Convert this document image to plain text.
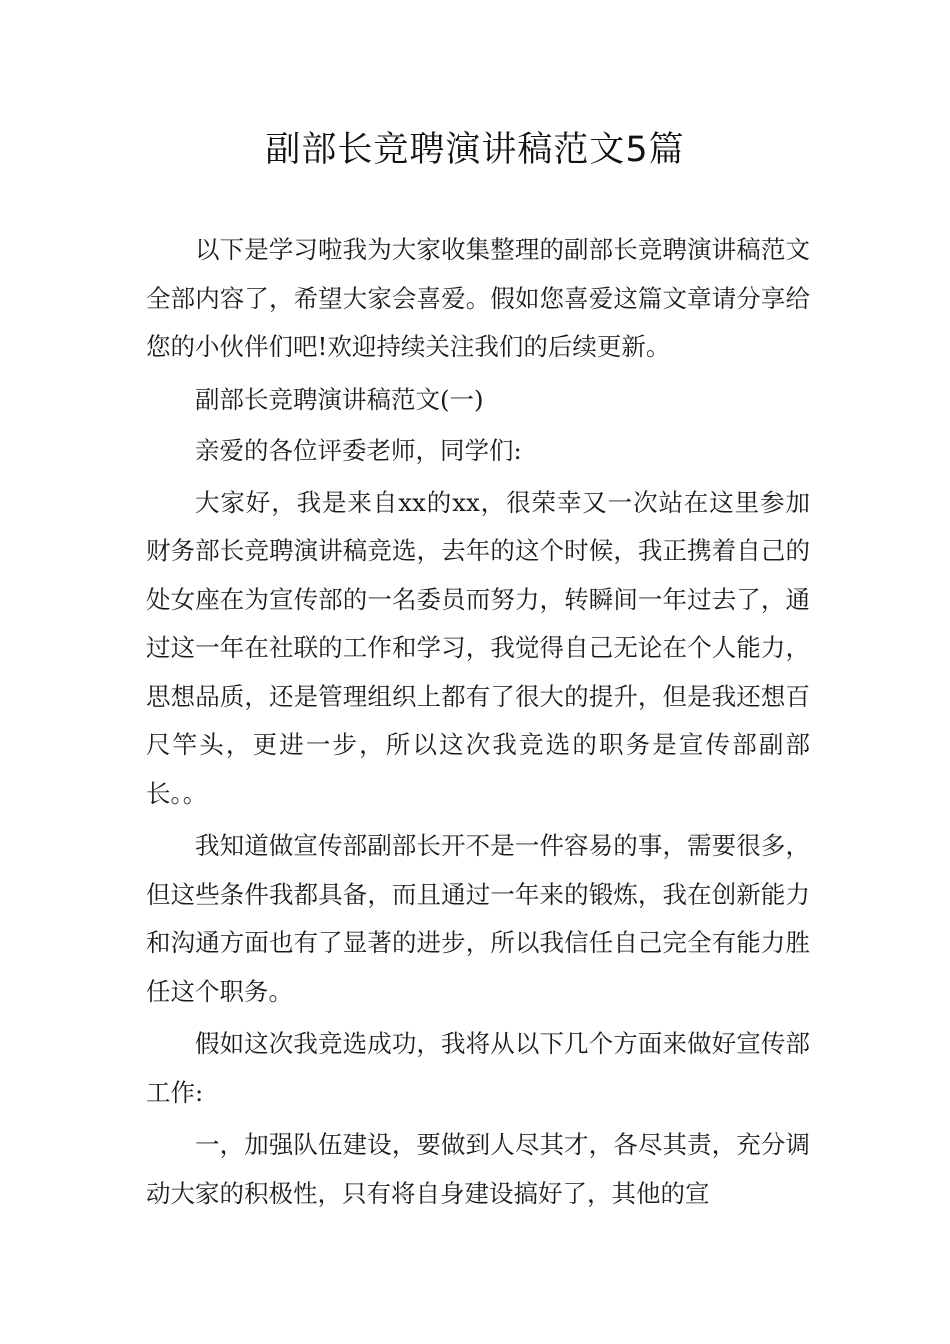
副部长竞聘演讲稿范文5篇

以下是学习啦我为大家收集整理的副部长竞聘演讲稿范文全部内容了，希望大家会喜爱。假如您喜爱这篇文章请分享给您的小伙伴们吧!欢迎持续关注我们的后续更新。

副部长竞聘演讲稿范文(一)

亲爱的各位评委老师，同学们:

大家好，我是来自xx的xx，很荣幸又一次站在这里参加财务部长竞聘演讲稿竞选，去年的这个时候，我正携着自己的处女座在为宣传部的一名委员而努力，转瞬间一年过去了，通过这一年在社联的工作和学习，我觉得自己无论在个人能力，思想品质，还是管理组织上都有了很大的提升，但是我还想百尺竿头，更进一步，所以这次我竞选的职务是宣传部副部长。。

我知道做宣传部副部长开不是一件容易的事，需要很多，但这些条件我都具备，而且通过一年来的锻炼，我在创新能力和沟通方面也有了显著的进步，所以我信任自己完全有能力胜任这个职务。

假如这次我竞选成功，我将从以下几个方面来做好宣传部工作:

一，加强队伍建设，要做到人尽其才，各尽其责，充分调动大家的积极性，只有将自身建设搞好了，其他的宣
